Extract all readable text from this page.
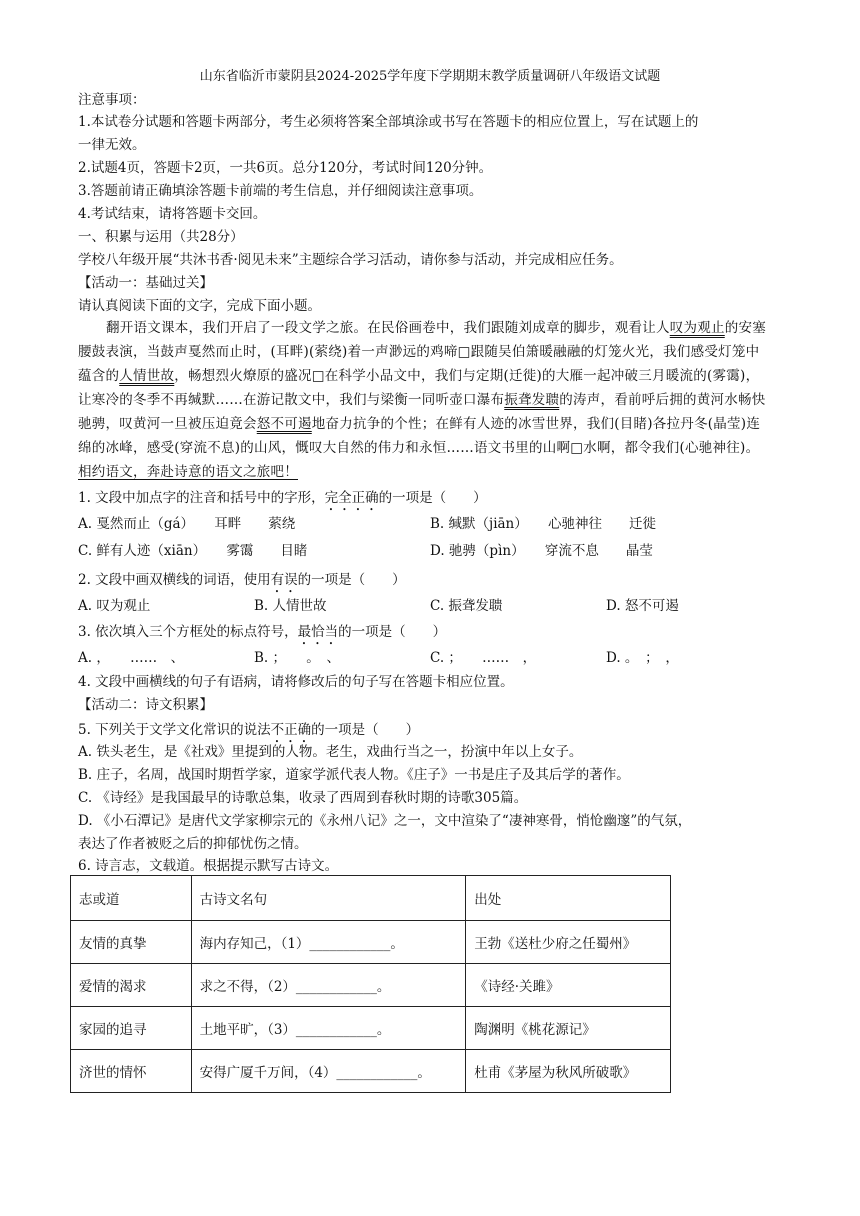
山东省临沂市蒙阴县2024-2025学年度下学期期末教学质量调研八年级语文试题
注意事项：
1.本试卷分试题和答题卡两部分，考生必须将答案全部填涂或书写在答题卡的相应位置上，写在试题上的
一律无效。
2.试题4页，答题卡2页，一共6页。总分120分，考试时间120分钟。
3.答题前请正确填涂答题卡前端的考生信息，并仔细阅读注意事项。
4.考试结束，请将答题卡交回。
一、积累与运用（共28分）
学校八年级开展“共沐书香·阅见未来”主题综合学习活动，请你参与活动，并完成相应任务。
【活动一：基础过关】
请认真阅读下面的文字，完成下面小题。
翻开语文课本，我们开启了一段文学之旅。在民俗画卷中，我们跟随刘成章的脚步，观看让人叹为观止的安塞腰鼓表演，当鼓声戛然而止时，(耳畔)(萦绕)着一声渺远的鸡啼□跟随吴伯箫暖融融的灯笼火光，我们感受灯笼中蕴含的人情世故，畅想烈火燎原的盛况□在科学小品文中，我们与定期(迁徙)的大雁一起冲破三月暖流的(雾霭)，让寒冷的冬季不再缄默……在游记散文中，我们与梁衡一同听壶口瀑布振聋发聩的涛声，看前呼后拥的黄河水畅快驰骋，叹黄河一旦被压迫竟会怒不可遏地奋力抗争的个性；在鲜有人迹的冰雪世界，我们(目睹)各拉丹冬(晶莹)连绵的冰峰，感受(穿流不息)的山风，慨叹大自然的伟力和永恒……语文书里的山啊□水啊，都令我们(心驰神往)。相约语文，奔赴诗意的语文之旅吧！
1. 文段中加点字的注音和括号中的字形，完全正确的一项是（　　）
A. 戛然而止（gá）　　耳畔　　萦绕	B. 缄默（jiān）　　心驰神往　　迁徙
C. 鲜有人迹（xiān）　　雾霭　　目睹	D. 驰骋（pìn）　　穿流不息　　晶莹
2. 文段中画双横线的词语，使用有误的一项是（　　）
A. 叹为观止	B. 人情世故	C. 振聋发聩	D. 怒不可遏
3. 依次填入三个方框处的标点符号，最恰当的一项是（　　）
A. ，　　……　、	B. ；　　。　、	C. ；　　……　，	D. 。　；　，
4. 文段中画横线的句子有语病，请将修改后的句子写在答题卡相应位置。
【活动二：诗文积累】
5. 下列关于文学文化常识的说法不正确的一项是（　　）
A. 铁头老生，是《社戏》里提到的人物。老生，戏曲行当之一，扮演中年以上女子。
B. 庄子，名周，战国时期哲学家，道家学派代表人物。《庄子》一书是庄子及其后学的著作。
C. 《诗经》是我国最早的诗歌总集，收录了西周到春秋时期的诗歌305篇。
D. 《小石潭记》是唐代文学家柳宗元的《永州八记》之一，文中渲染了“凄神寒骨，悄怆幽邃”的气氛，
表达了作者被贬之后的抑郁忧伤之情。
6. 诗言志，文载道。根据提示默写古诗文。
志或道	古诗文名句	出处
友情的真挚	海内存知己，（1）____________。	王勃《送杜少府之任蜀州》
爱情的渴求	求之不得，（2）____________。	《诗经·关雎》
家园的追寻	土地平旷，（3）____________。	陶渊明《桃花源记》
济世的情怀	安得广厦千万间，（4）____________。	杜甫《茅屋为秋风所破歌》
